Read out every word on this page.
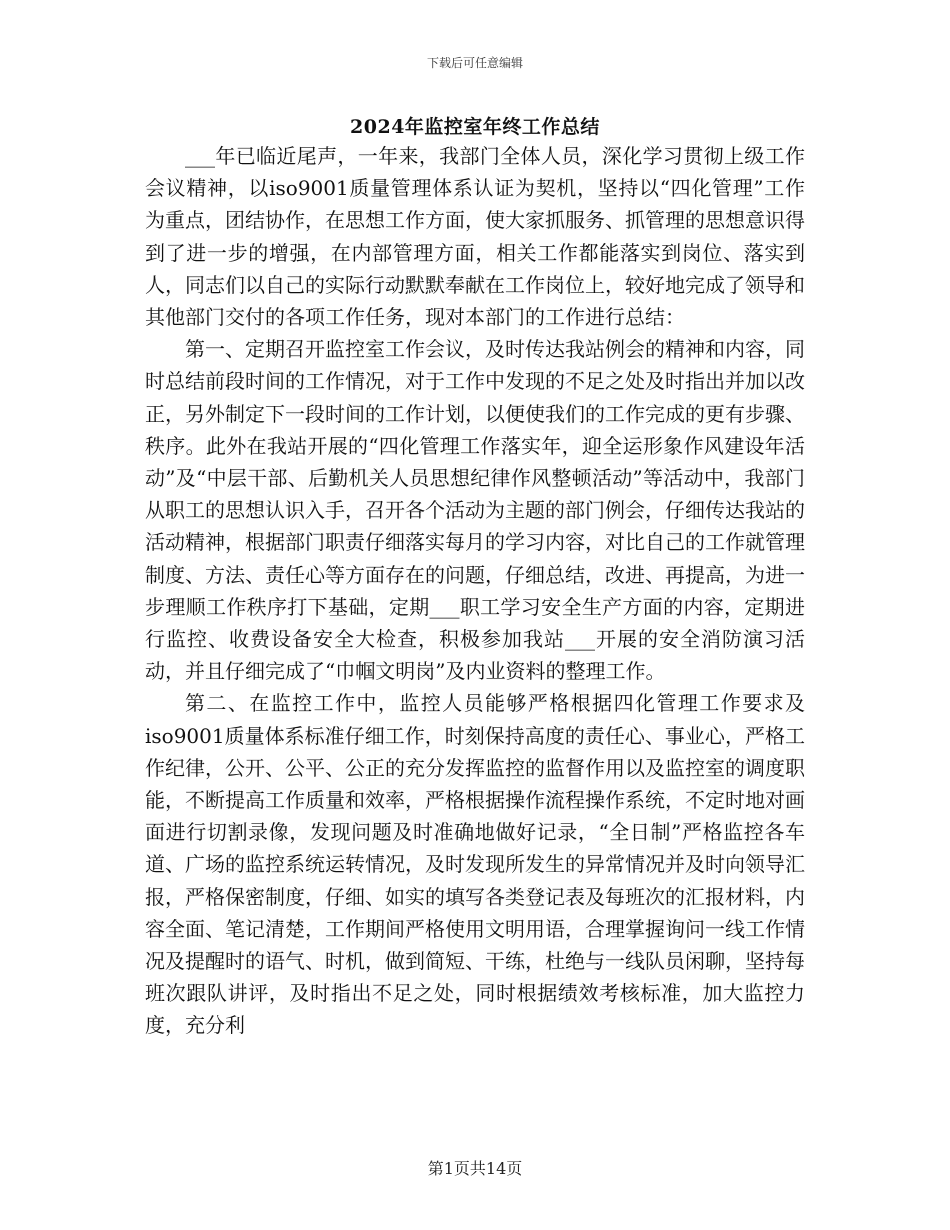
下载后可任意编辑
2024年监控室年终工作总结

___年已临近尾声，一年来，我部门全体人员，深化学习贯彻上级工作会议精神，以iso9001质量管理体系认证为契机，坚持以“四化管理”工作为重点，团结协作，在思想工作方面，使大家抓服务、抓管理的思想意识得到了进一步的增强，在内部管理方面，相关工作都能落实到岗位、落实到人，同志们以自己的实际行动默默奉献在工作岗位上，较好地完成了领导和其他部门交付的各项工作任务，现对本部门的工作进行总结：

第一、定期召开监控室工作会议，及时传达我站例会的精神和内容，同时总结前段时间的工作情况，对于工作中发现的不足之处及时指出并加以改正，另外制定下一段时间的工作计划，以便使我们的工作完成的更有步骤、秩序。此外在我站开展的“四化管理工作落实年，迎全运形象作风建设年活动”及“中层干部、后勤机关人员思想纪律作风整顿活动”等活动中，我部门从职工的思想认识入手，召开各个活动为主题的部门例会，仔细传达我站的活动精神，根据部门职责仔细落实每月的学习内容，对比自己的工作就管理制度、方法、责任心等方面存在的问题，仔细总结，改进、再提高，为进一步理顺工作秩序打下基础，定期___职工学习安全生产方面的内容，定期进行监控、收费设备安全大检查，积极参加我站___开展的安全消防演习活动，并且仔细完成了“巾帼文明岗”及内业资料的整理工作。

第二、在监控工作中，监控人员能够严格根据四化管理工作要求及iso9001质量体系标准仔细工作，时刻保持高度的责任心、事业心，严格工作纪律，公开、公平、公正的充分发挥监控的监督作用以及监控室的调度职能，不断提高工作质量和效率，严格根据操作流程操作系统，不定时地对画面进行切割录像，发现问题及时准确地做好记录，“全日制”严格监控各车道、广场的监控系统运转情况，及时发现所发生的异常情况并及时向领导汇报，严格保密制度，仔细、如实的填写各类登记表及每班次的汇报材料，内容全面、笔记清楚，工作期间严格使用文明用语，合理掌握询问一线工作情况及提醒时的语气、时机，做到简短、干练，杜绝与一线队员闲聊，坚持每班次跟队讲评，及时指出不足之处，同时根据绩效考核标准，加大监控力度，充分利

第1页共14页
